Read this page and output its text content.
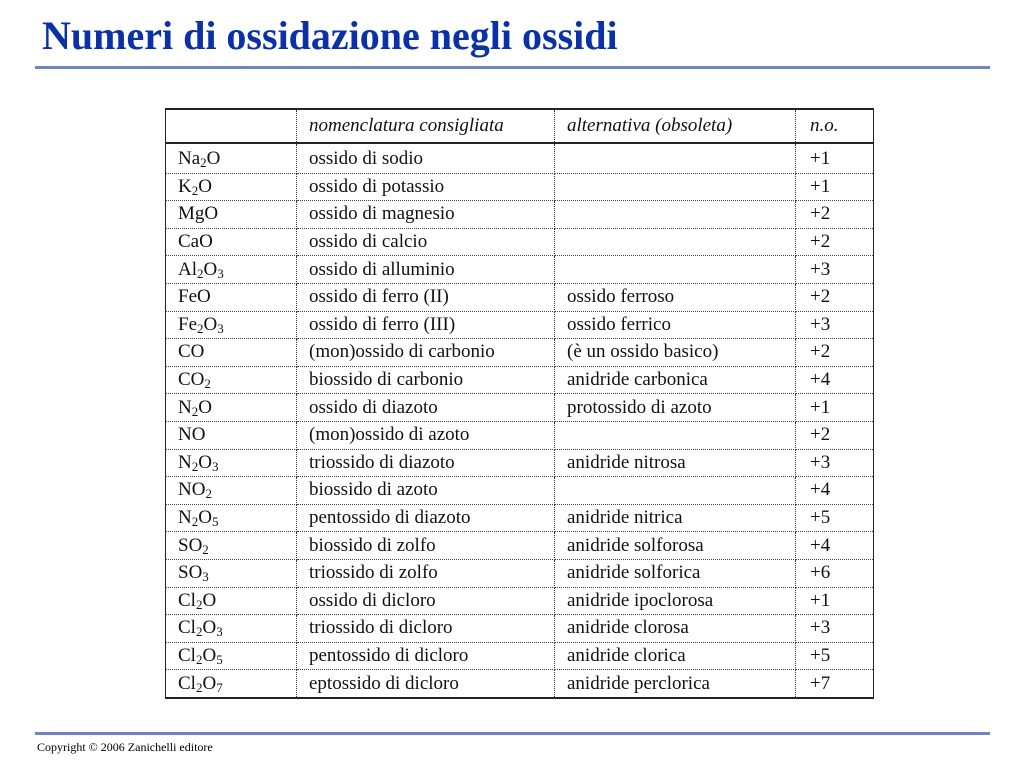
Numeri di ossidazione negli ossidi
	nomenclatura consigliata	alternativa (obsoleta)	n.o.
$Na_2O$	ossido di sodio		+1
$K_2O$	ossido di potassio		+1
MgO	ossido di magnesio		+2
CaO	ossido di calcio		+2
$Al_2O_3$	ossido di alluminio		+3
FeO	ossido di ferro (II)	ossido ferroso	+2
$Fe_2O_3$	ossido di ferro (III)	ossido ferrico	+3
CO	(mon)ossido di carbonio	(è un ossido basico)	+2
$CO_2$	biossido di carbonio	anidride carbonica	+4
$N_2O$	ossido di diazoto	protossido di azoto	+1
NO	(mon)ossido di azoto		+2
$N_2O_3$	triossido di diazoto	anidride nitrosa	+3
$NO_2$	biossido di azoto		+4
$N_2O_5$	pentossido di diazoto	anidride nitrica	+5
$SO_2$	biossido di zolfo	anidride solforosa	+4
$SO_3$	triossido di zolfo	anidride solforica	+6
$Cl_2O$	ossido di dicloro	anidride ipoclorosa	+1
$Cl_2O_3$	triossido di dicloro	anidride clorosa	+3
$Cl_2O_5$	pentossido di dicloro	anidride clorica	+5
$Cl_2O_7$	eptossido di dicloro	anidride perclorica	+7
Copyright © 2006 Zanichelli editore
